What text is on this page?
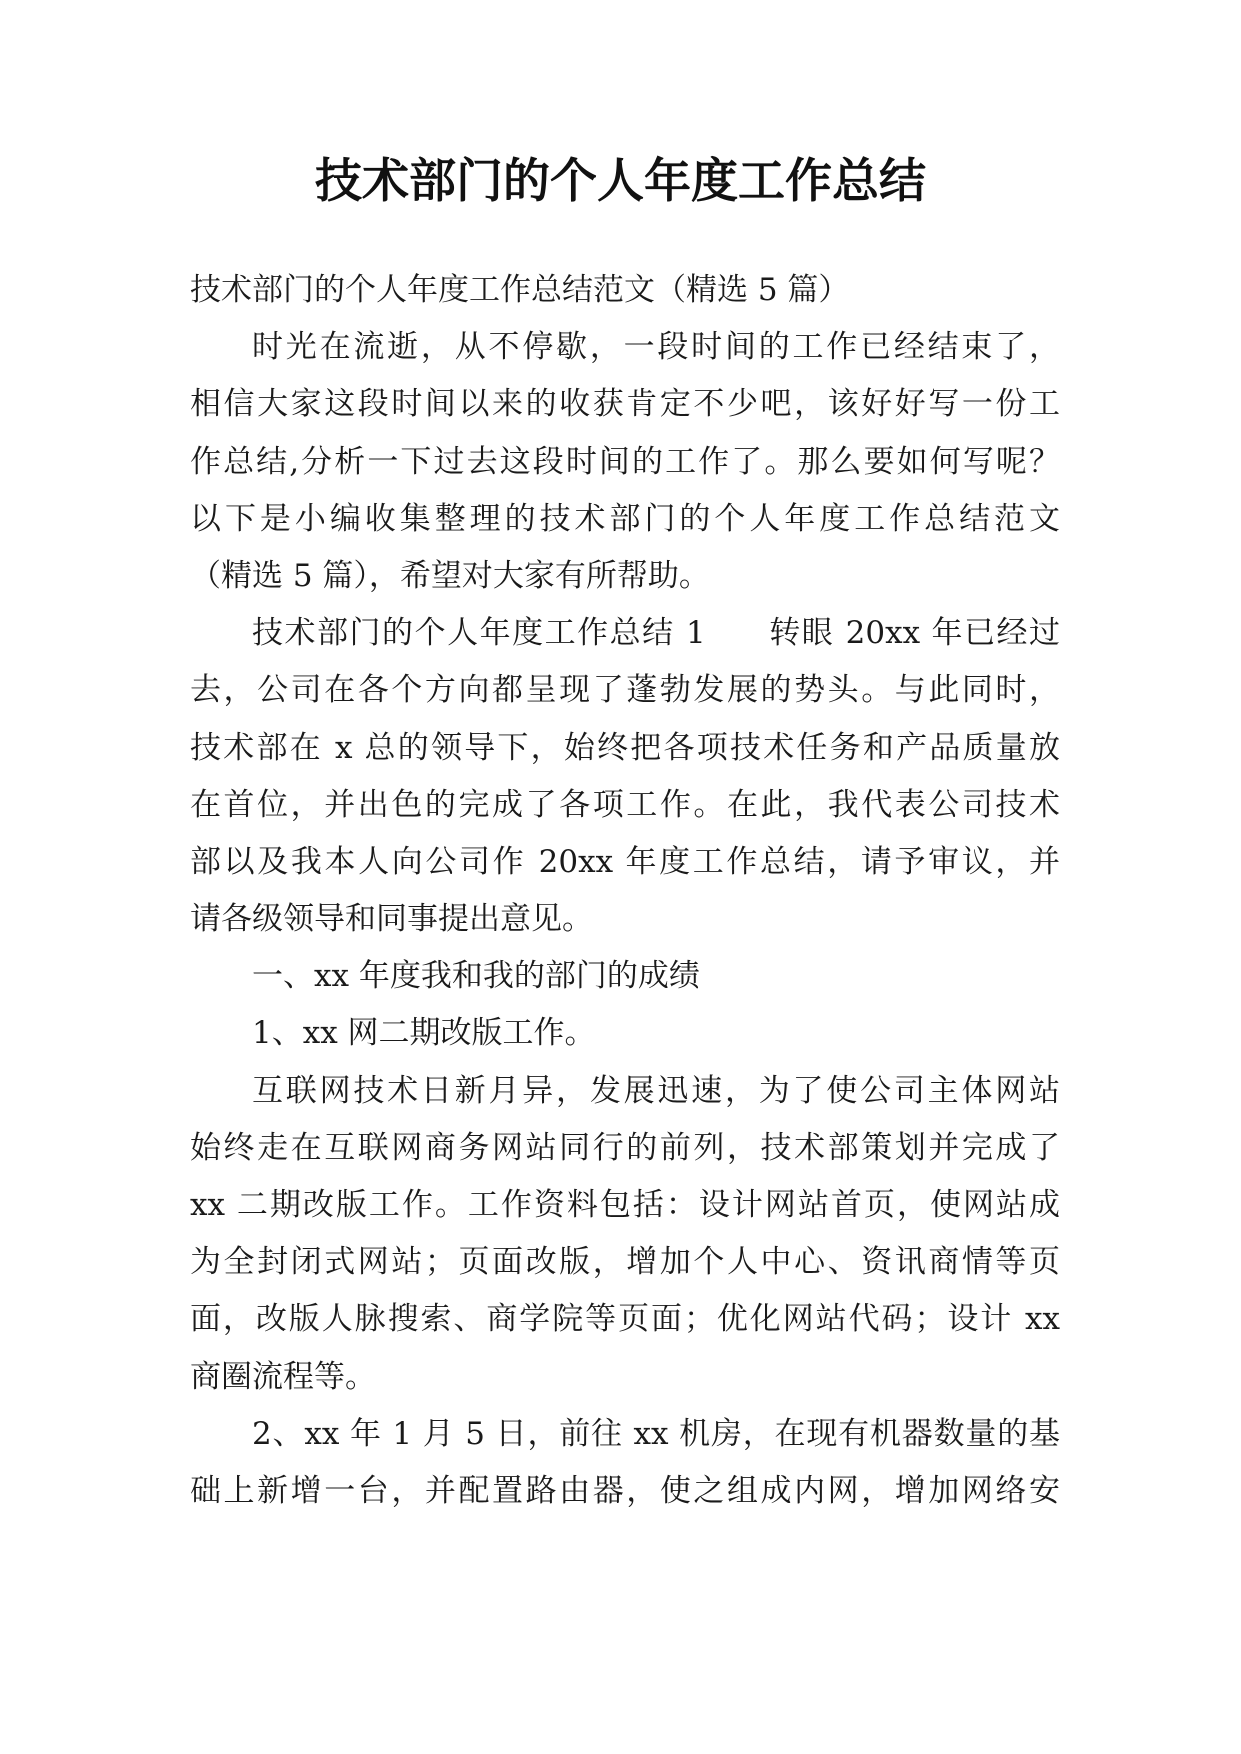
技术部门的个人年度工作总结
技术部门的个人年度工作总结范文（精选 5 篇）
时光在流逝，从不停歇，一段时间的工作已经结束了，
相信大家这段时间以来的收获肯定不少吧，该好好写一份工
作总结,分析一下过去这段时间的工作了。那么要如何写呢？
以下是小编收集整理的技术部门的个人年度工作总结范文
（精选 5 篇），希望对大家有所帮助。
技术部门的个人年度工作总结 1 转眼 20xx 年已经过
去，公司在各个方向都呈现了蓬勃发展的势头。与此同时，
技术部在 x 总的领导下，始终把各项技术任务和产品质量放
在首位，并出色的完成了各项工作。在此，我代表公司技术
部以及我本人向公司作 20xx 年度工作总结，请予审议，并
请各级领导和同事提出意见。
一、xx 年度我和我的部门的成绩
1、xx 网二期改版工作。
互联网技术日新月异，发展迅速，为了使公司主体网站
始终走在互联网商务网站同行的前列，技术部策划并完成了
xx 二期改版工作。工作资料包括：设计网站首页，使网站成
为全封闭式网站；页面改版，增加个人中心、资讯商情等页
面，改版人脉搜索、商学院等页面；优化网站代码；设计 xx
商圈流程等。
2、xx 年 1 月 5 日，前往 xx 机房，在现有机器数量的基
础上新增一台，并配置路由器，使之组成内网，增加网络安
